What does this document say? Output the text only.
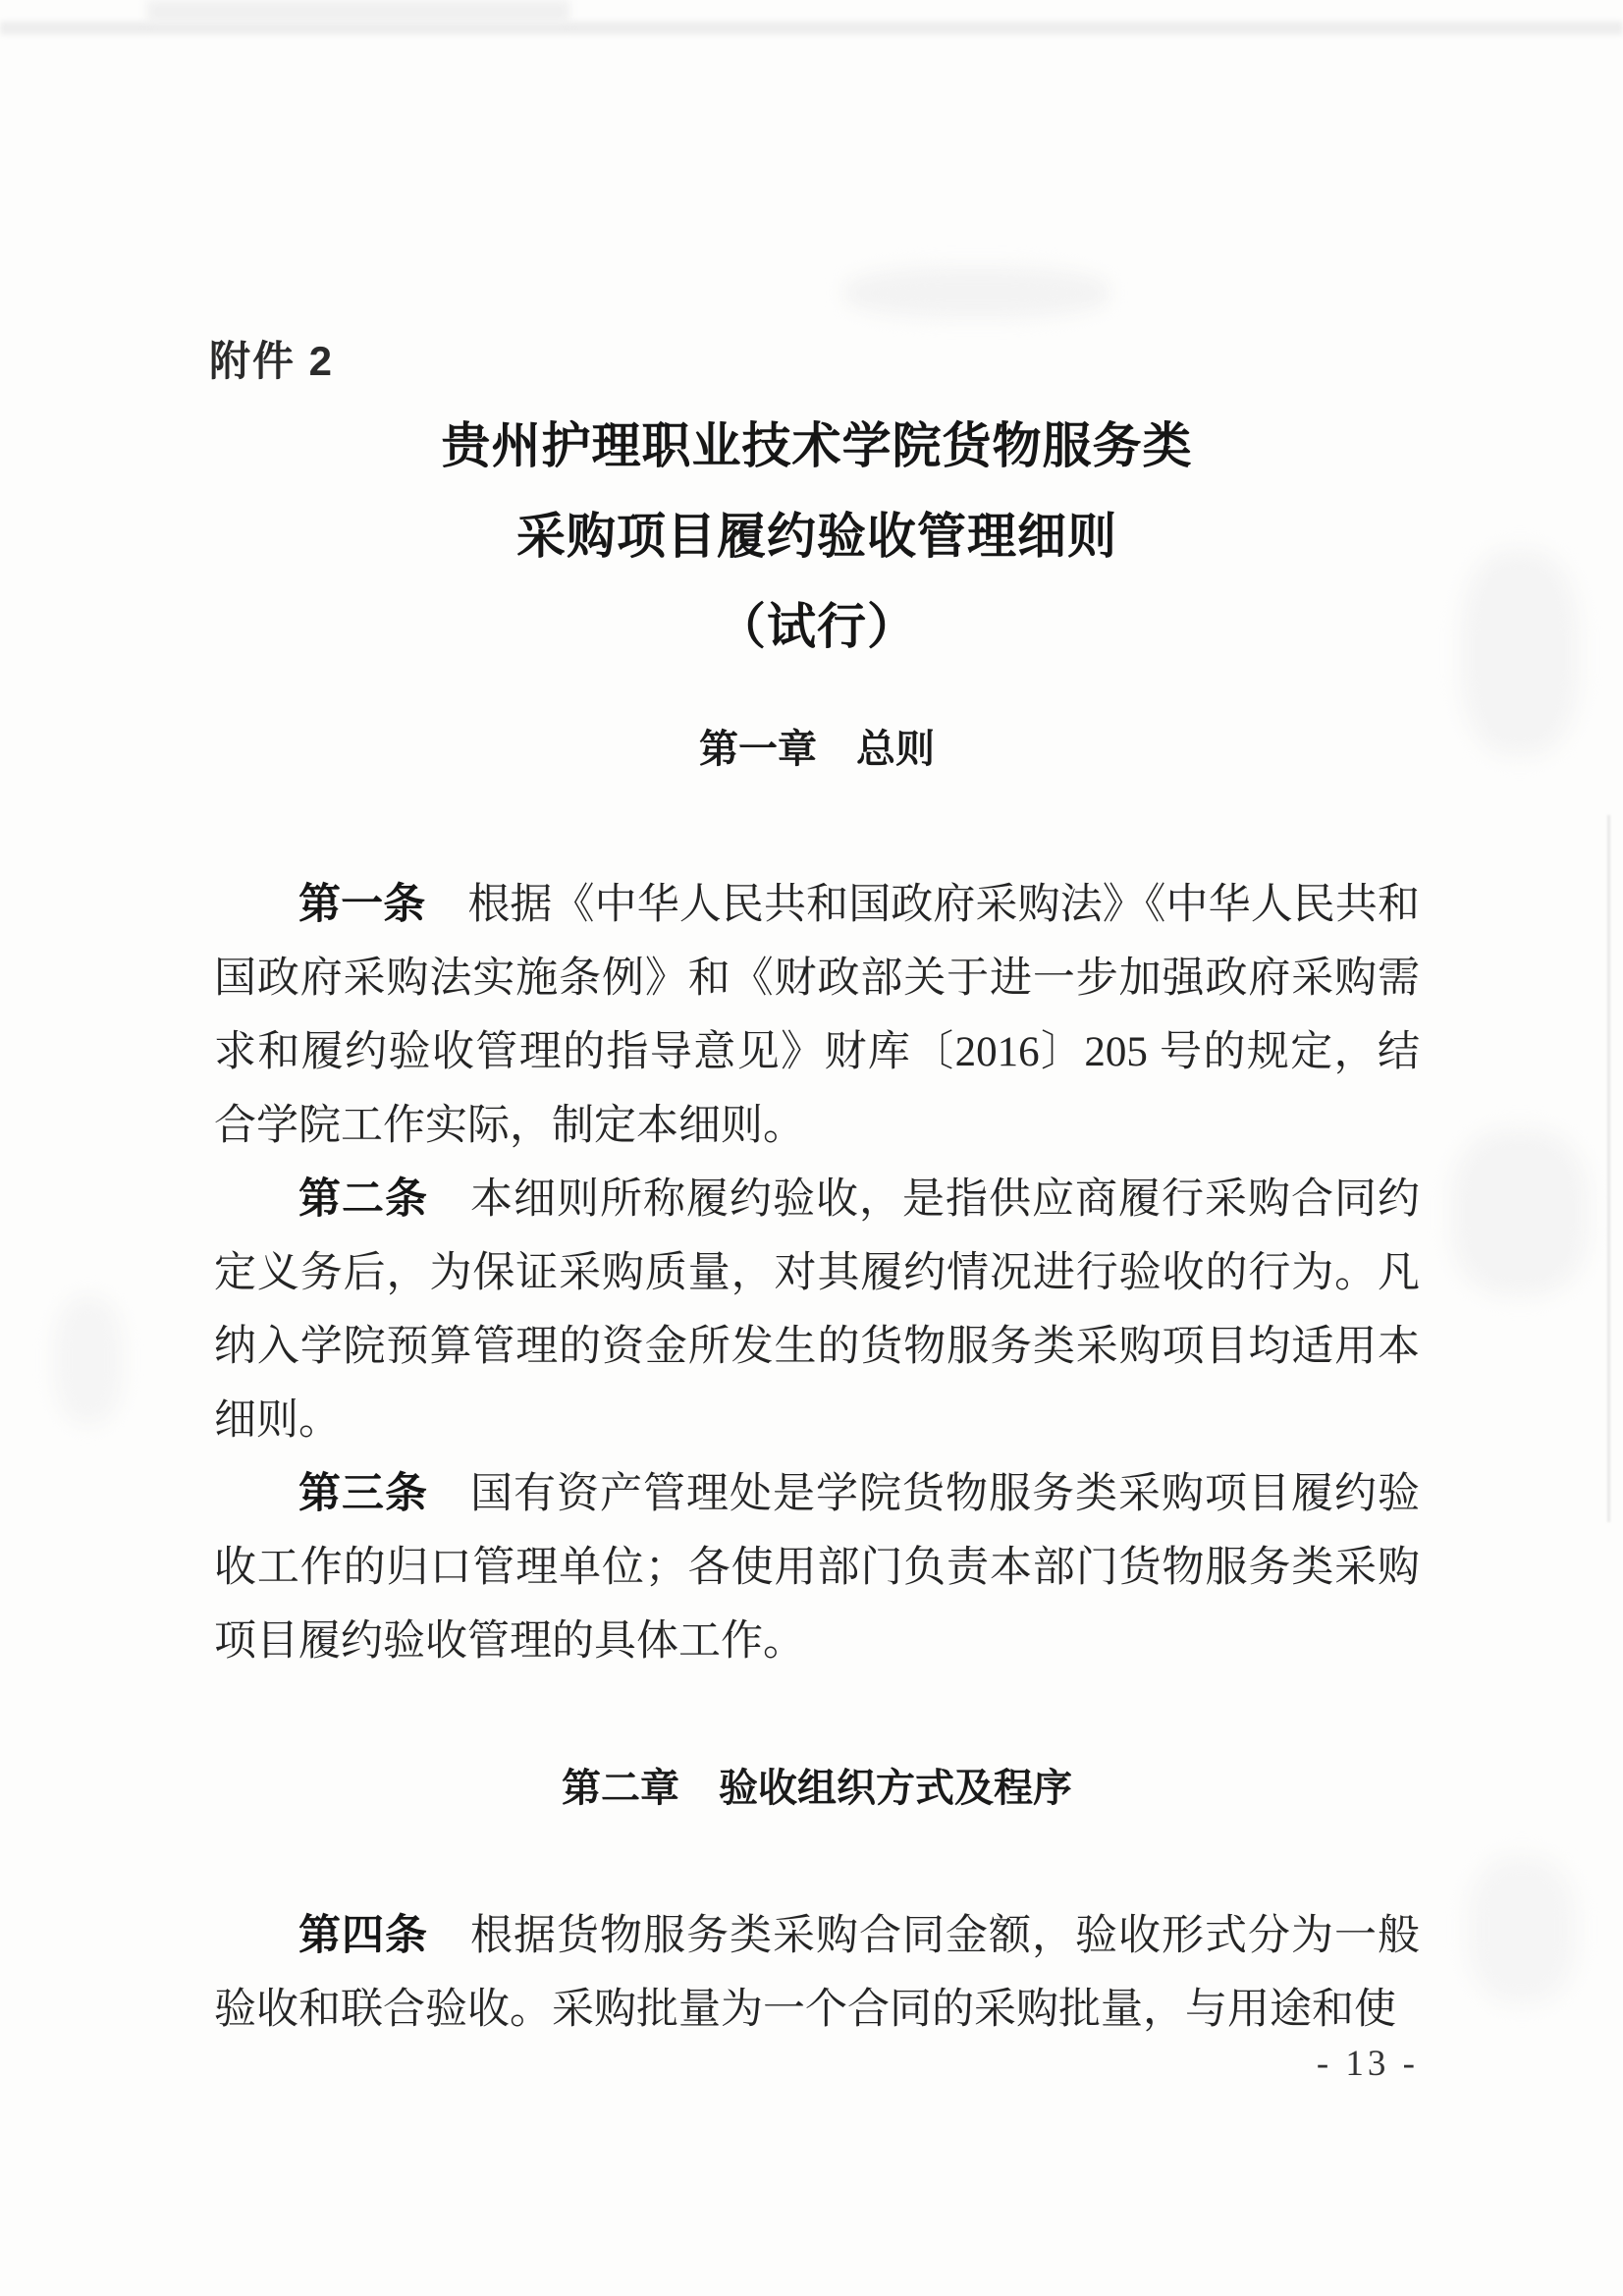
附件 2
贵州护理职业技术学院货物服务类
采购项目履约验收管理细则
（试行）
第一章　总则

第一条 根据《中华人民共和国政府采购法》《中华人民共和国政府采购法实施条例》和《财政部关于进一步加强政府采购需求和履约验收管理的指导意见》财库〔2016〕205 号的规定，结合学院工作实际，制定本细则。

第二条 本细则所称履约验收，是指供应商履行采购合同约定义务后，为保证采购质量，对其履约情况进行验收的行为。凡纳入学院预算管理的资金所发生的货物服务类采购项目均适用本细则。

第三条 国有资产管理处是学院货物服务类采购项目履约验收工作的归口管理单位；各使用部门负责本部门货物服务类采购项目履约验收管理的具体工作。

第二章　验收组织方式及程序

第四条 根据货物服务类采购合同金额，验收形式分为一般验收和联合验收。采购批量为一个合同的采购批量，与用途和使

- 13 -
